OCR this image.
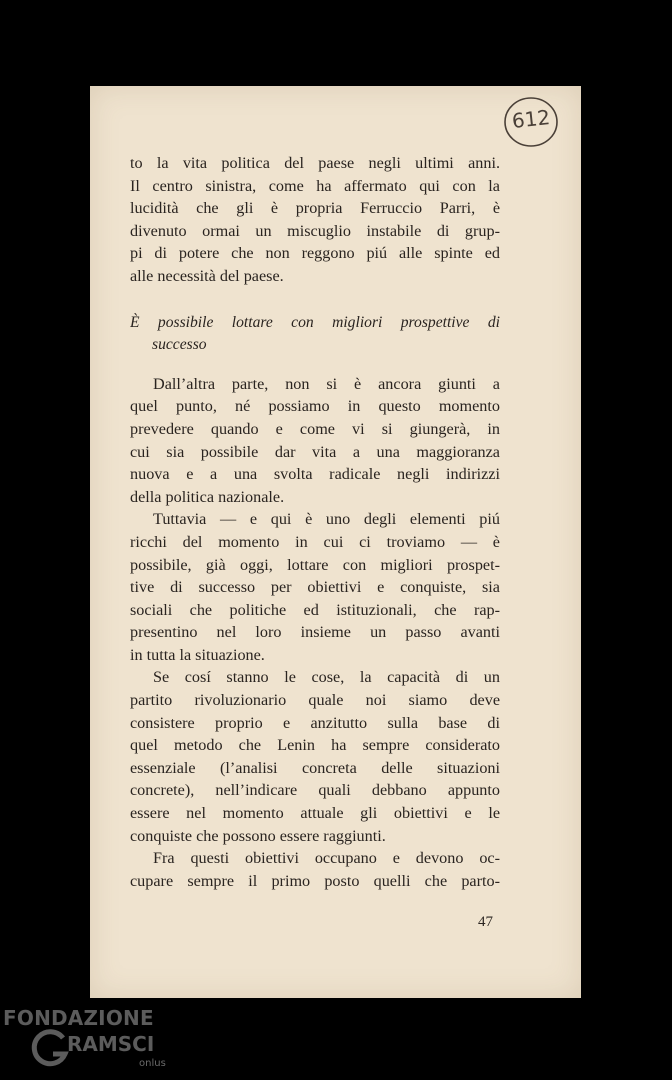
612
to la vita politica del paese negli ultimi anni.
Il centro sinistra, come ha affermato qui con la
lucidità che gli è propria Ferruccio Parri, è
divenuto ormai un miscuglio instabile di grup-
pi di potere che non reggono piú alle spinte ed
alle necessità del paese.
È possibile lottare con migliori prospettive di
successo
Dall’altra parte, non si è ancora giunti a
quel punto, né possiamo in questo momento
prevedere quando e come vi si giungerà, in
cui sia possibile dar vita a una maggioranza
nuova e a una svolta radicale negli indirizzi
della politica nazionale.
Tuttavia — e qui è uno degli elementi piú
ricchi del momento in cui ci troviamo — è
possibile, già oggi, lottare con migliori prospet-
tive di successo per obiettivi e conquiste, sia
sociali che politiche ed istituzionali, che rap-
presentino nel loro insieme un passo avanti
in tutta la situazione.
Se cosí stanno le cose, la capacità di un
partito rivoluzionario quale noi siamo deve
consistere proprio e anzitutto sulla base di
quel metodo che Lenin ha sempre considerato
essenziale (l’analisi concreta delle situazioni
concrete), nell’indicare quali debbano appunto
essere nel momento attuale gli obiettivi e le
conquiste che possono essere raggiunti.
Fra questi obiettivi occupano e devono oc-
cupare sempre il primo posto quelli che parto-
47
FONDAZIONE
RAMSCI
onlus
